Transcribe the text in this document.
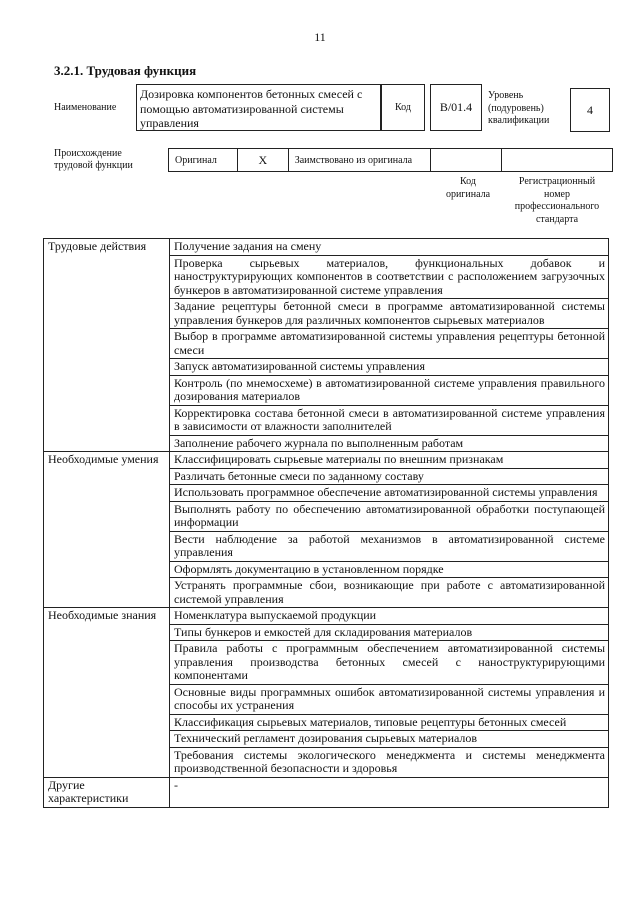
11
3.2.1. Трудовая функция
Наименование
Дозировка компонентов бетонных смесей с помощью автоматизированной системы управления
Код	B/01.4
Уровень
(подуровень)
квалификации
4
Происхождение
трудовой функции	Оригинал	X	Заимствовано из оригинала
Код
оригинала
Регистрационный
номер
профессионального
стандарта
Трудовые действия	Получение задания на смену
	Проверка сырьевых материалов, функциональных добавок и наноструктурирующих компонентов в соответствии с расположением загрузочных бункеров в автоматизированной системе управления
	Задание рецептуры бетонной смеси в программе автоматизированной системы управления бункеров для различных компонентов сырьевых материалов
	Выбор в программе автоматизированной системы управления рецептуры бетонной смеси
	Запуск автоматизированной системы управления
	Контроль (по мнемосхеме) в автоматизированной системе управления правильного дозирования материалов
	Корректировка состава бетонной смеси в автоматизированной системе управления в зависимости от влажности заполнителей
	Заполнение рабочего журнала по выполненным работам
Необходимые умения	Классифицировать сырьевые материалы по внешним признакам
	Различать бетонные смеси по заданному составу
	Использовать программное обеспечение автоматизированной системы управления
	Выполнять работу по обеспечению автоматизированной обработки поступающей информации
	Вести наблюдение за работой механизмов в автоматизированной системе управления
	Оформлять документацию в установленном порядке
	Устранять программные сбои, возникающие при работе с автоматизированной системой управления
Необходимые знания	Номенклатура выпускаемой продукции
	Типы бункеров и емкостей для складирования материалов
	Правила работы с программным обеспечением автоматизированной системы управления производства бетонных смесей с наноструктурирующими компонентами
	Основные виды программных ошибок автоматизированной системы управления и способы их устранения
	Классификация сырьевых материалов, типовые рецептуры бетонных смесей
	Технический регламент дозирования сырьевых материалов
	Требования системы экологического менеджмента и системы менеджмента производственной безопасности и здоровья
Другие характеристики	-
